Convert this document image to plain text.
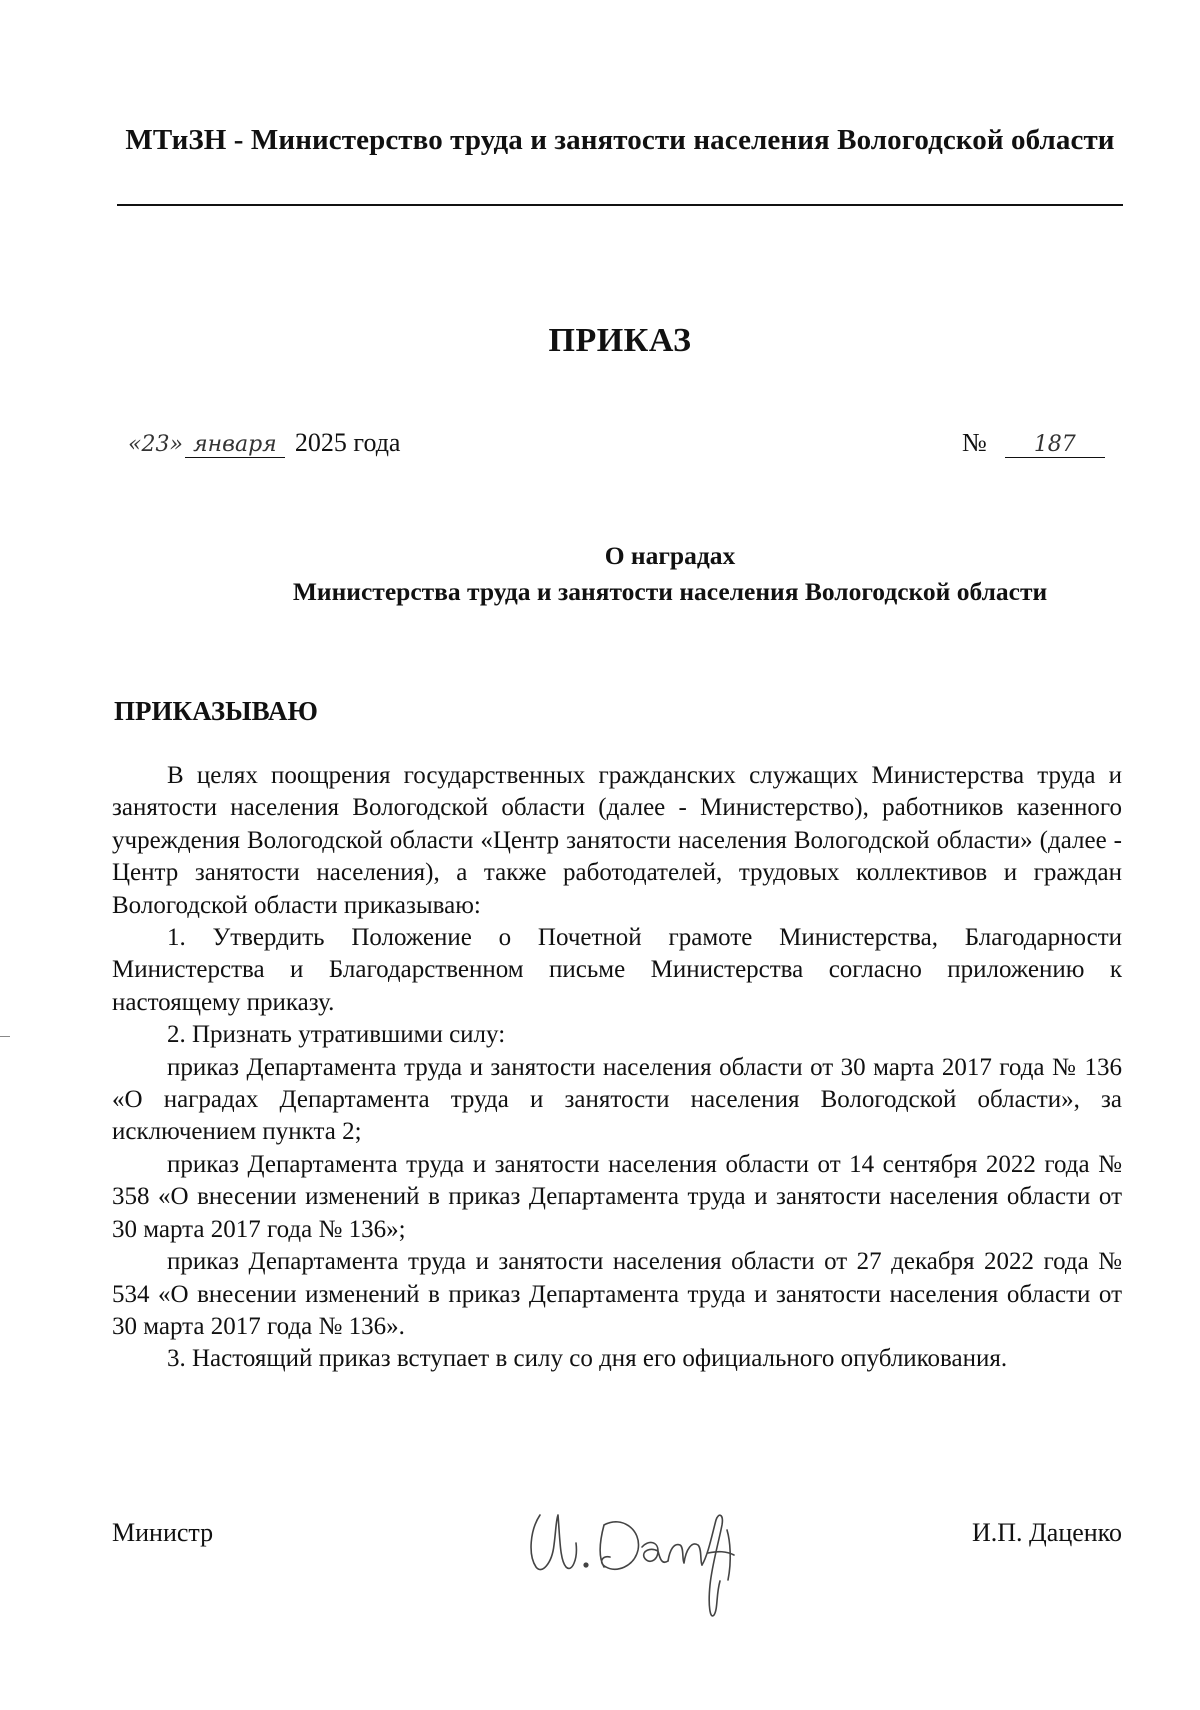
МТиЗН - Министерство труда и занятости населения Вологодской области
ПРИКАЗ
«23»января 2025 года	№ 187
О наградах
Министерства труда и занятости населения Вологодской области
ПРИКАЗЫВАЮ

В целях поощрения государственных гражданских служащих Министерства труда и занятости населения Вологодской области (далее - Министерство), работников казенного учреждения Вологодской области «Центр занятости населения Вологодской области» (далее - Центр занятости населения), а также работодателей, трудовых коллективов и граждан Вологодской области приказываю:

1. Утвердить Положение о Почетной грамоте Министерства, Благодарности Министерства и Благодарственном письме Министерства согласно приложению к настоящему приказу.

2. Признать утратившими силу:

приказ Департамента труда и занятости населения области от 30 марта 2017 года № 136 «О наградах Департамента труда и занятости населения Вологодской области», за исключением пункта 2;

приказ Департамента труда и занятости населения области от 14 сентября 2022 года № 358 «О внесении изменений в приказ Департамента труда и занятости населения области от 30 марта 2017 года № 136»;

приказ Департамента труда и занятости населения области от 27 декабря 2022 года № 534 «О внесении изменений в приказ Департамента труда и занятости населения области от 30 марта 2017 года № 136».

3. Настоящий приказ вступает в силу со дня его официального опубликования.

Министр	И.П. Даценко
